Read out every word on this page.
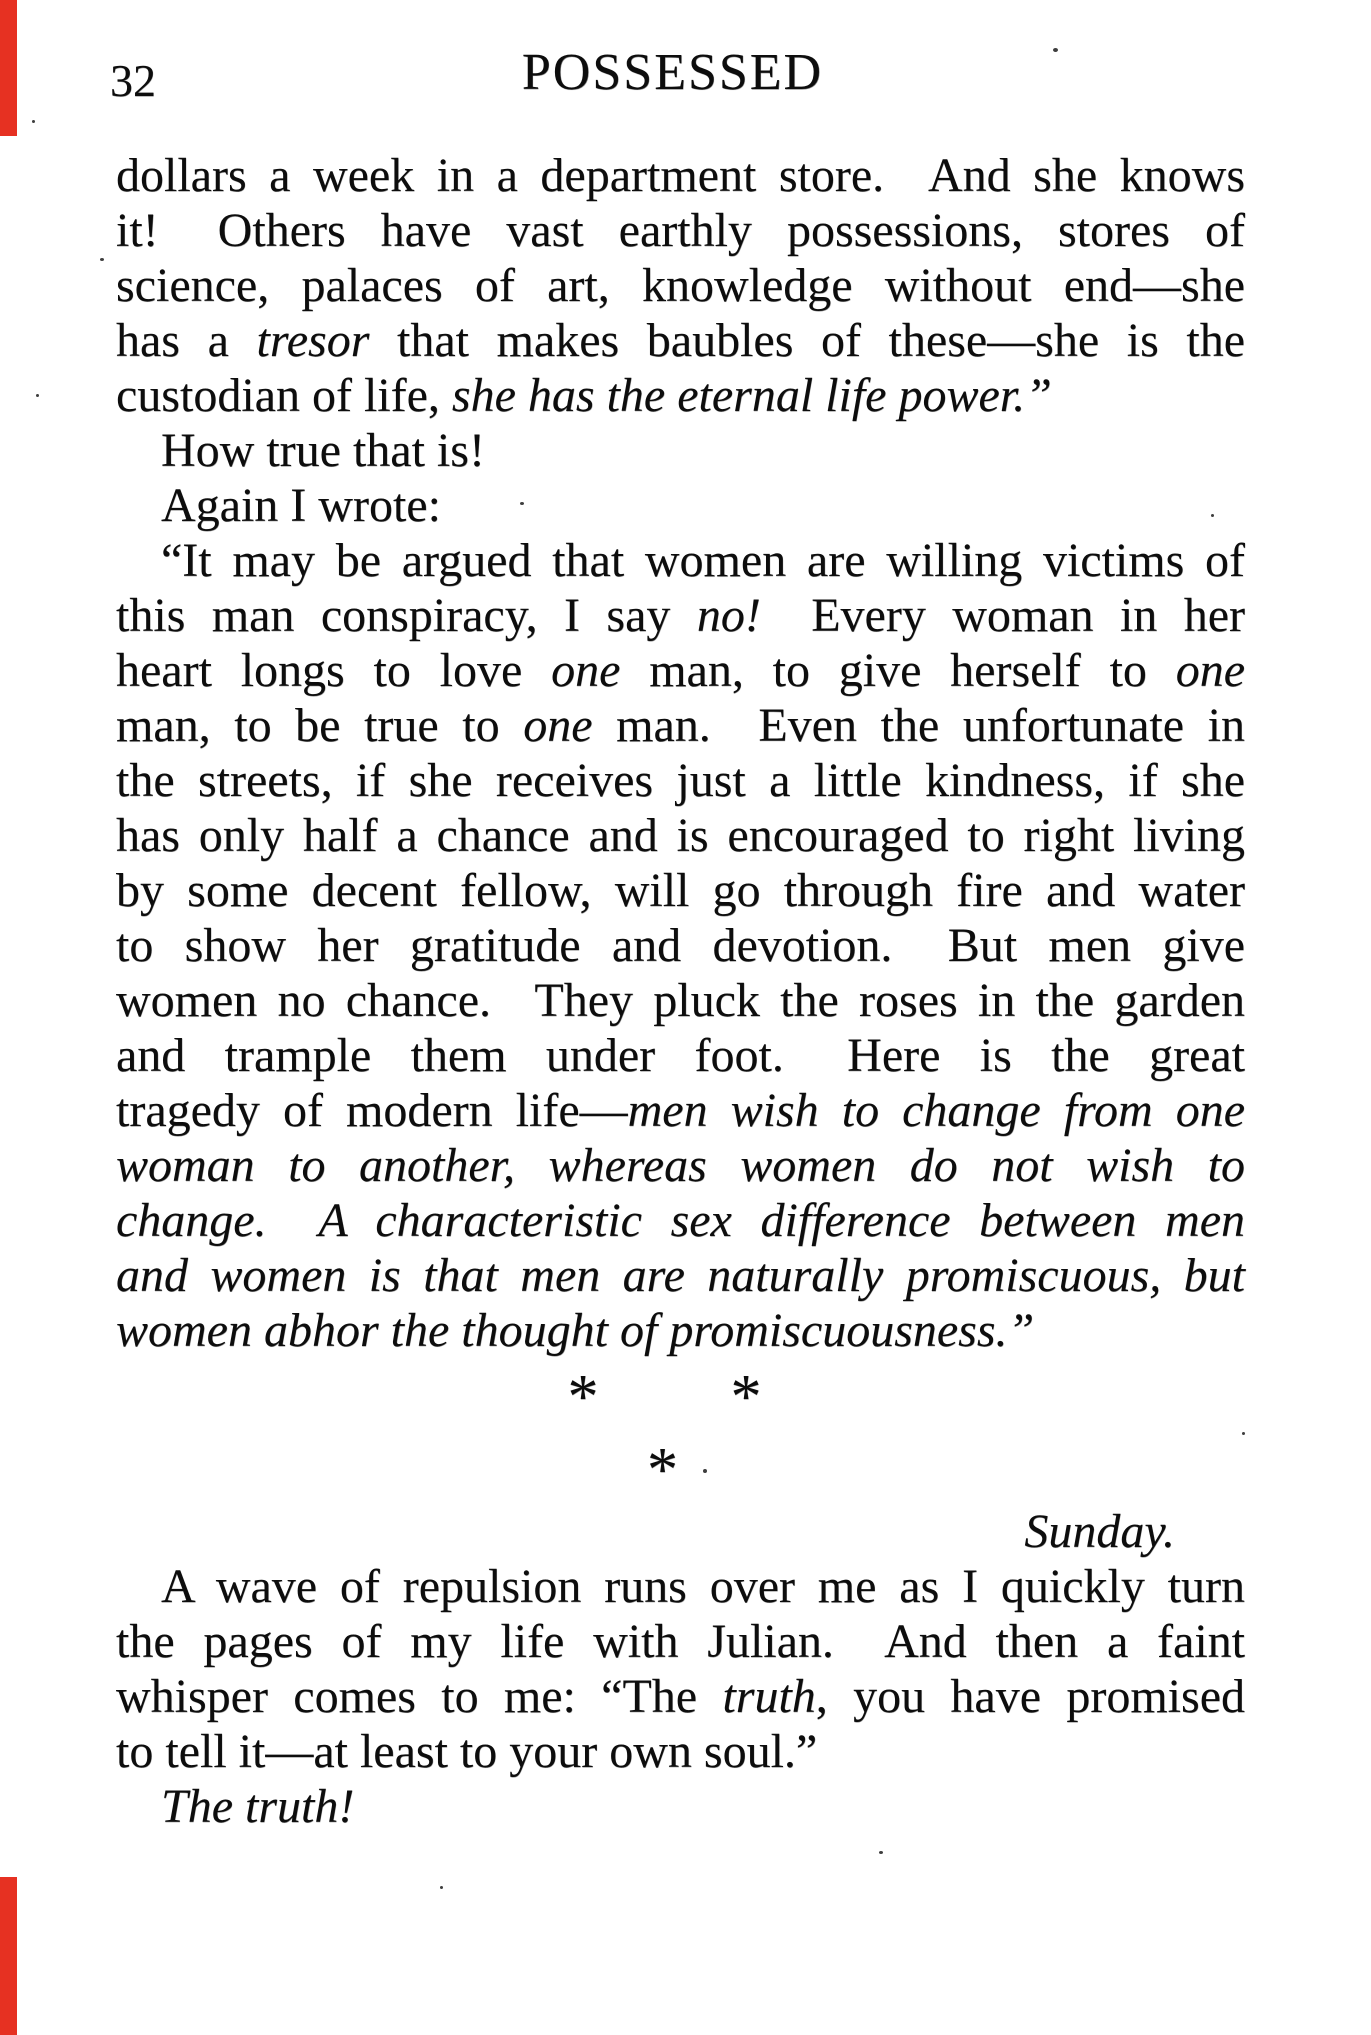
32	POSSESSED
dollars a week in a department store.  And she knows
it!  Others have vast earthly possessions, stores of
science, palaces of art, knowledge without end—she
has a tresor that makes baubles of these—she is the
custodian of life, she has the eternal life power.”
How true that is!
Again I wrote:
“It may be argued that women are willing victims of
this man conspiracy, I say no!  Every woman in her
heart longs to love one man, to give herself to one
man, to be true to one man.  Even the unfortunate in
the streets, if she receives just a little kindness, if she
has only half a chance and is encouraged to right living
by some decent fellow, will go through fire and water
to show her gratitude and devotion.  But men give
women no chance.  They pluck the roses in the garden
and trample them under foot.  Here is the great
tragedy of modern life—men wish to change from one
woman to another, whereas women do not wish to
change.  A characteristic sex difference between men
and women is that men are naturally promiscuous, but
women abhor the thought of promiscuousness.”
* *
*
Sunday.
A wave of repulsion runs over me as I quickly turn
the pages of my life with Julian.  And then a faint
whisper comes to me: “The truth, you have promised
to tell it—at least to your own soul.”
The truth!
